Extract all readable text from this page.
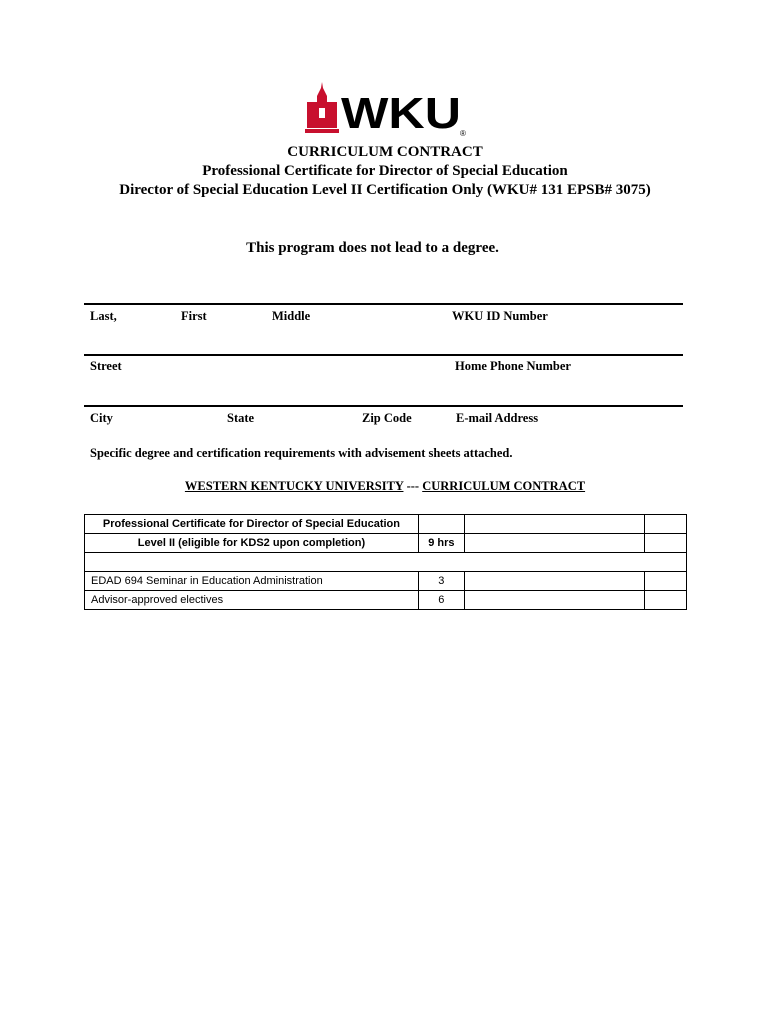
WKU ®
CURRICULUM CONTRACT
Professional Certificate for Director of Special Education
Director of Special Education Level II Certification Only (WKU# 131 EPSB# 3075)
This program does not lead to a degree.
Last,	First	Middle	WKU ID Number
Street	Home Phone Number
City	State	Zip Code	E-mail Address
Specific degree and certification requirements with advisement sheets attached.
WESTERN KENTUCKY UNIVERSITY --- CURRICULUM CONTRACT
Professional Certificate for Director of Special Education			
Level II (eligible for KDS2 upon completion)	9 hrs		

EDAD 694 Seminar in Education Administration	3		
Advisor-approved electives	6		
